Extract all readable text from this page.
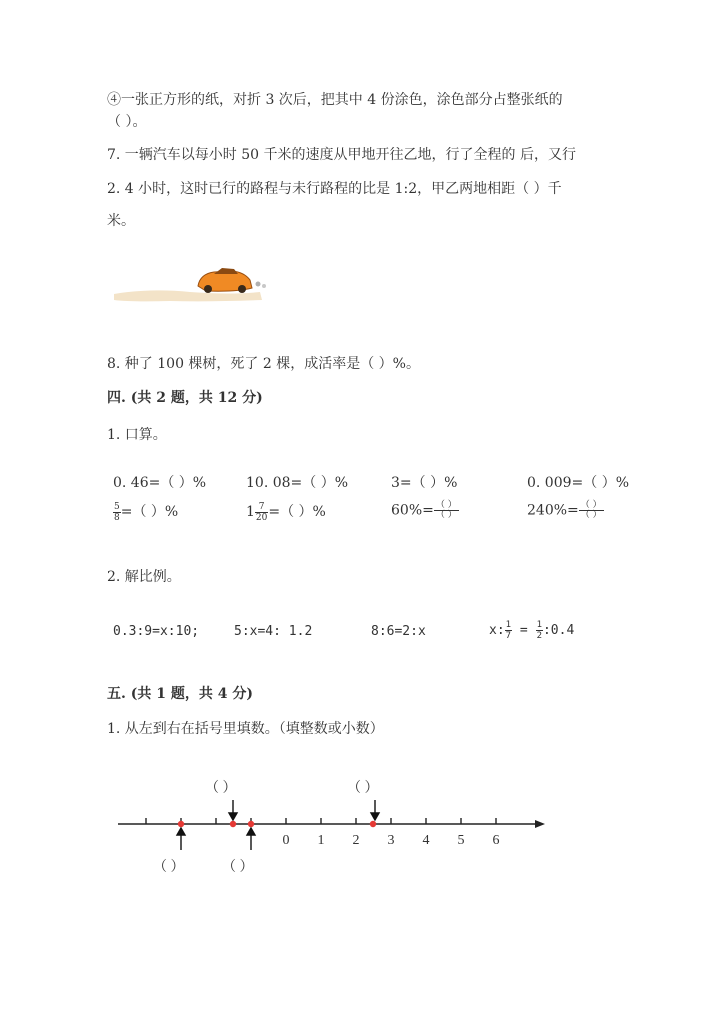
④一张正方形的纸，对折 3 次后，把其中 4 份涂色，涂色部分占整张纸的
（ ）。
7. 一辆汽车以每小时 50 千米的速度从甲地开往乙地，行了全程的 后，又行
2. 4 小时，这时已行的路程与未行路程的比是 1:2，甲乙两地相距（ ）千
米。
8. 种了 100 棵树，死了 2 棵，成活率是（ ）%。
四. (共 2 题，共 12 分)
1. 口算。
0. 46=（ ）%	10. 08=（ ）%	3=（ ）%	0. 009=（ ）%
$\frac{5}{8}$ =（ ）%	$1 \frac{7}{20}$ =（ ）%	$60\%= \frac{( )}{( )}$	$240\%= \frac{( )}{( )}$
2. 解比例。
0.3:9=x:10;	5:x=4: 1.2	8:6=2:x	x: $\frac{1}{7} = \frac{1}{2}$ :0.4
五. (共 1 题，共 4 分)
1. 从左到右在括号里填数。（填整数或小数）
0 1 2 3 4 5 6
（ ）	（ ）
（ ）	（ ）
